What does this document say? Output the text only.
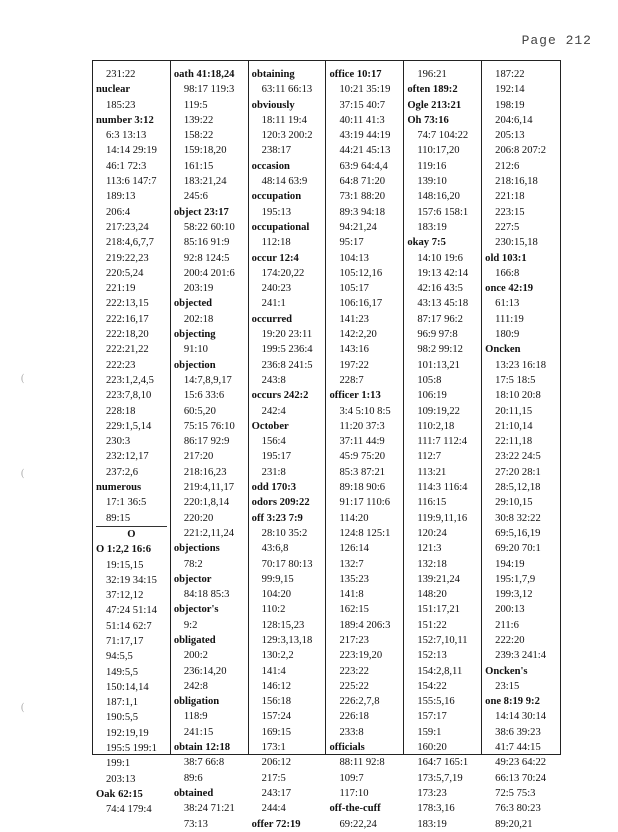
Page 212
231:22
nuclear
185:23
number 3:12
6:3 13:13
14:14 29:19
46:1 72:3
113:6 147:7
189:13
206:4
217:23,24
218:4,6,7,7
219:22,23
220:5,24
221:19
222:13,15
222:16,17
222:18,20
222:21,22
222:23
223:1,2,4,5
223:7,8,10
228:18
229:1,5,14
230:3
232:12,17
237:2,6
numerous
17:1 36:5
89:15
O
O 1:2,2 16:6
19:15,15
32:19 34:15
37:12,12
47:24 51:14
51:14 62:7
71:17,17
94:5,5
149:5,5
150:14,14
187:1,1
190:5,5
192:19,19
195:5 199:1
199:1
203:13
Oak 62:15
74:4 179:4
oath 41:18,24
98:17 119:3
119:5
139:22
158:22
159:18,20
161:15
183:21,24
245:6
object 23:17
58:22 60:10
85:16 91:9
92:8 124:5
200:4 201:6
203:19
objected
202:18
objecting
91:10
objection
14:7,8,9,17
15:6 33:6
60:5,20
75:15 76:10
86:17 92:9
217:20
218:16,23
219:4,11,17
220:1,8,14
220:20
221:2,11,24
objections
78:2
objector
84:18 85:3
objector's
9:2
obligated
200:2
236:14,20
242:8
obligation
118:9
241:15
obtain 12:18
38:7 66:8
89:6
obtained
38:24 71:21
73:13
obtaining
63:11 66:13
obviously
18:11 19:4
120:3 200:2
238:17
occasion
48:14 63:9
occupation
195:13
occupational
112:18
occur 12:4
174:20,22
240:23
241:1
occurred
19:20 23:11
199:5 236:4
236:8 241:5
243:8
occurs 242:2
242:4
October
156:4
195:17
231:8
odd 170:3
odors 209:22
off 3:23 7:9
28:10 35:2
43:6,8
70:17 80:13
99:9,15
104:20
110:2
128:15,23
129:3,13,18
130:2,2
141:4
146:12
156:18
157:24
169:15
173:1
206:12
217:5
243:17
244:4
offer 72:19
office 10:17
10:21 35:19
37:15 40:7
40:11 41:3
43:19 44:19
44:21 45:13
63:9 64:4,4
64:8 71:20
73:1 88:20
89:3 94:18
94:21,24
95:17
104:13
105:12,16
105:17
106:16,17
141:23
142:2,20
143:16
197:22
228:7
officer 1:13
3:4 5:10 8:5
11:20 37:3
37:11 44:9
45:9 75:20
85:3 87:21
89:18 90:6
91:17 110:6
114:20
124:8 125:1
126:14
132:7
135:23
141:8
162:15
189:4 206:3
217:23
223:19,20
223:22
225:22
226:2,7,8
226:18
233:8
officials
88:11 92:8
109:7
117:10
off-the-cuff
69:22,24
196:21
often 189:2
Ogle 213:21
Oh 73:16
74:7 104:22
110:17,20
119:16
139:10
148:16,20
157:6 158:1
183:19
okay 7:5
14:10 19:6
19:13 42:14
42:16 43:5
43:13 45:18
87:17 96:2
96:9 97:8
98:2 99:12
101:13,21
105:8
106:19
109:19,22
110:2,18
111:7 112:4
112:7
113:21
114:3 116:4
116:15
119:9,11,16
120:24
121:3
132:18
139:21,24
148:20
151:17,21
151:22
152:7,10,11
152:13
154:2,8,11
154:22
155:5,16
157:17
159:1
160:20
164:7 165:1
173:5,7,19
173:23
178:3,16
183:19
187:22
192:14
198:19
204:6,14
205:13
206:8 207:2
212:6
218:16,18
221:18
223:15
227:5
230:15,18
old 103:1
166:8
once 42:19
61:13
111:19
180:9
Oncken
13:23 16:18
17:5 18:5
18:10 20:8
20:11,15
21:10,14
22:11,18
23:22 24:5
27:20 28:1
28:5,12,18
29:10,15
30:8 32:22
69:5,16,19
69:20 70:1
194:19
195:1,7,9
199:3,12
200:13
211:6
222:20
239:3 241:4
Oncken's
23:15
one 8:19 9:2
14:14 30:14
38:6 39:23
41:7 44:15
49:23 64:22
66:13 70:24
72:5 75:3
76:3 80:23
89:20,21
(
(
(
